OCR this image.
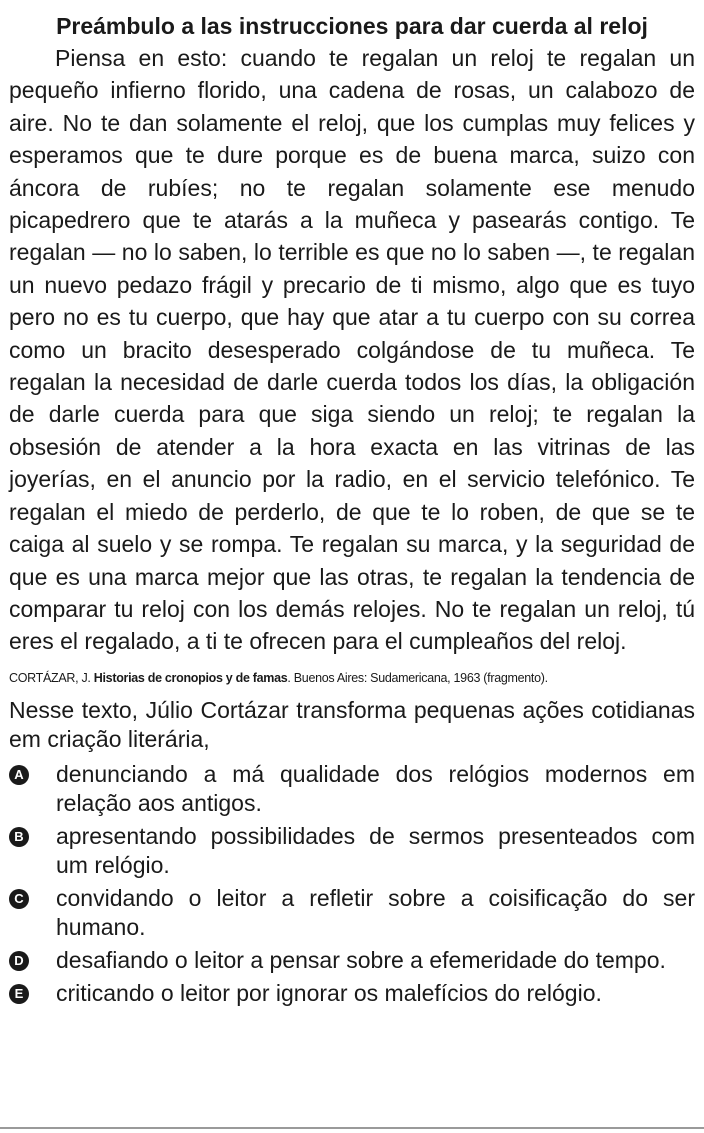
Preámbulo a las instrucciones para dar cuerda al reloj

Piensa en esto: cuando te regalan un reloj te regalan un pequeño infierno florido, una cadena de rosas, un calabozo de aire. No te dan solamente el reloj, que los cumplas muy felices y esperamos que te dure porque es de buena marca, suizo con áncora de rubíes; no te regalan solamente ese menudo picapedrero que te atarás a la muñeca y pasearás contigo. Te regalan — no lo saben, lo terrible es que no lo saben —, te regalan un nuevo pedazo frágil y precario de ti mismo, algo que es tuyo pero no es tu cuerpo, que hay que atar a tu cuerpo con su correa como un bracito desesperado colgándose de tu muñeca. Te regalan la necesidad de darle cuerda todos los días, la obligación de darle cuerda para que siga siendo un reloj; te regalan la obsesión de atender a la hora exacta en las vitrinas de las joyerías, en el anuncio por la radio, en el servicio telefónico. Te regalan el miedo de perderlo, de que te lo roben, de que se te caiga al suelo y se rompa. Te regalan su marca, y la seguridad de que es una marca mejor que las otras, te regalan la tendencia de comparar tu reloj con los demás relojes. No te regalan un reloj, tú eres el regalado, a ti te ofrecen para el cumpleaños del reloj.

CORTÁZAR, J. Historias de cronopios y de famas. Buenos Aires: Sudamericana, 1963 (fragmento).

Nesse texto, Júlio Cortázar transforma pequenas ações cotidianas em criação literária,

A denunciando a má qualidade dos relógios modernos em relação aos antigos.
B apresentando possibilidades de sermos presenteados com um relógio.
C convidando o leitor a refletir sobre a coisificação do ser humano.
D desafiando o leitor a pensar sobre a efemeridade do tempo.
E criticando o leitor por ignorar os malefícios do relógio.
